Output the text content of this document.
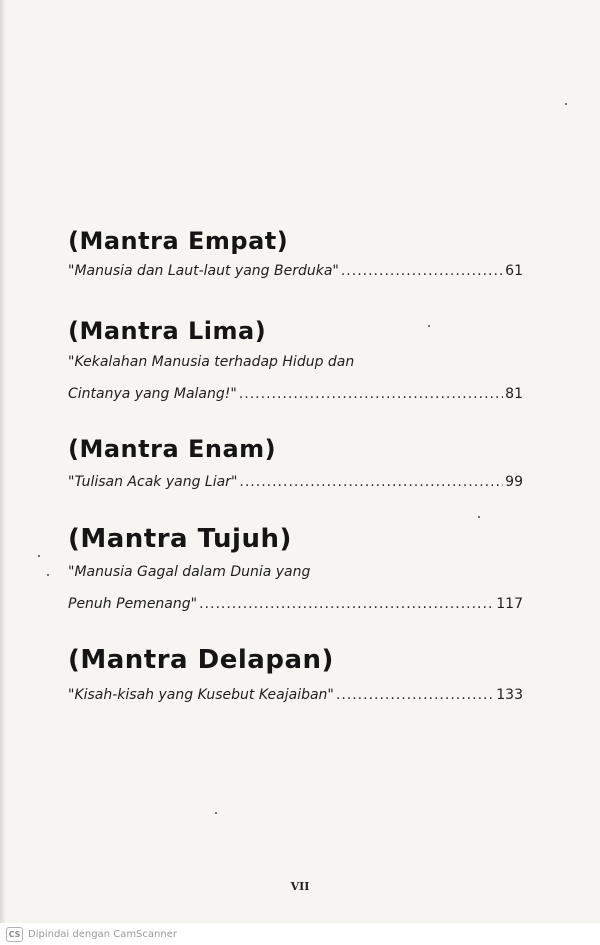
(Mantra Empat)
"Manusia dan Laut-laut yang Berduka" .....	61
(Mantra Lima)
"Kekalahan Manusia terhadap Hidup dan
Cintanya yang Malang!" .....	81
(Mantra Enam)
"Tulisan Acak yang Liar" .....	99
(Mantra Tujuh)
"Manusia Gagal dalam Dunia yang
Penuh Pemenang" .....	117
(Mantra Delapan)
"Kisah-kisah yang Kusebut Keajaiban" .....	133
VII
CS Dipindai dengan CamScanner
